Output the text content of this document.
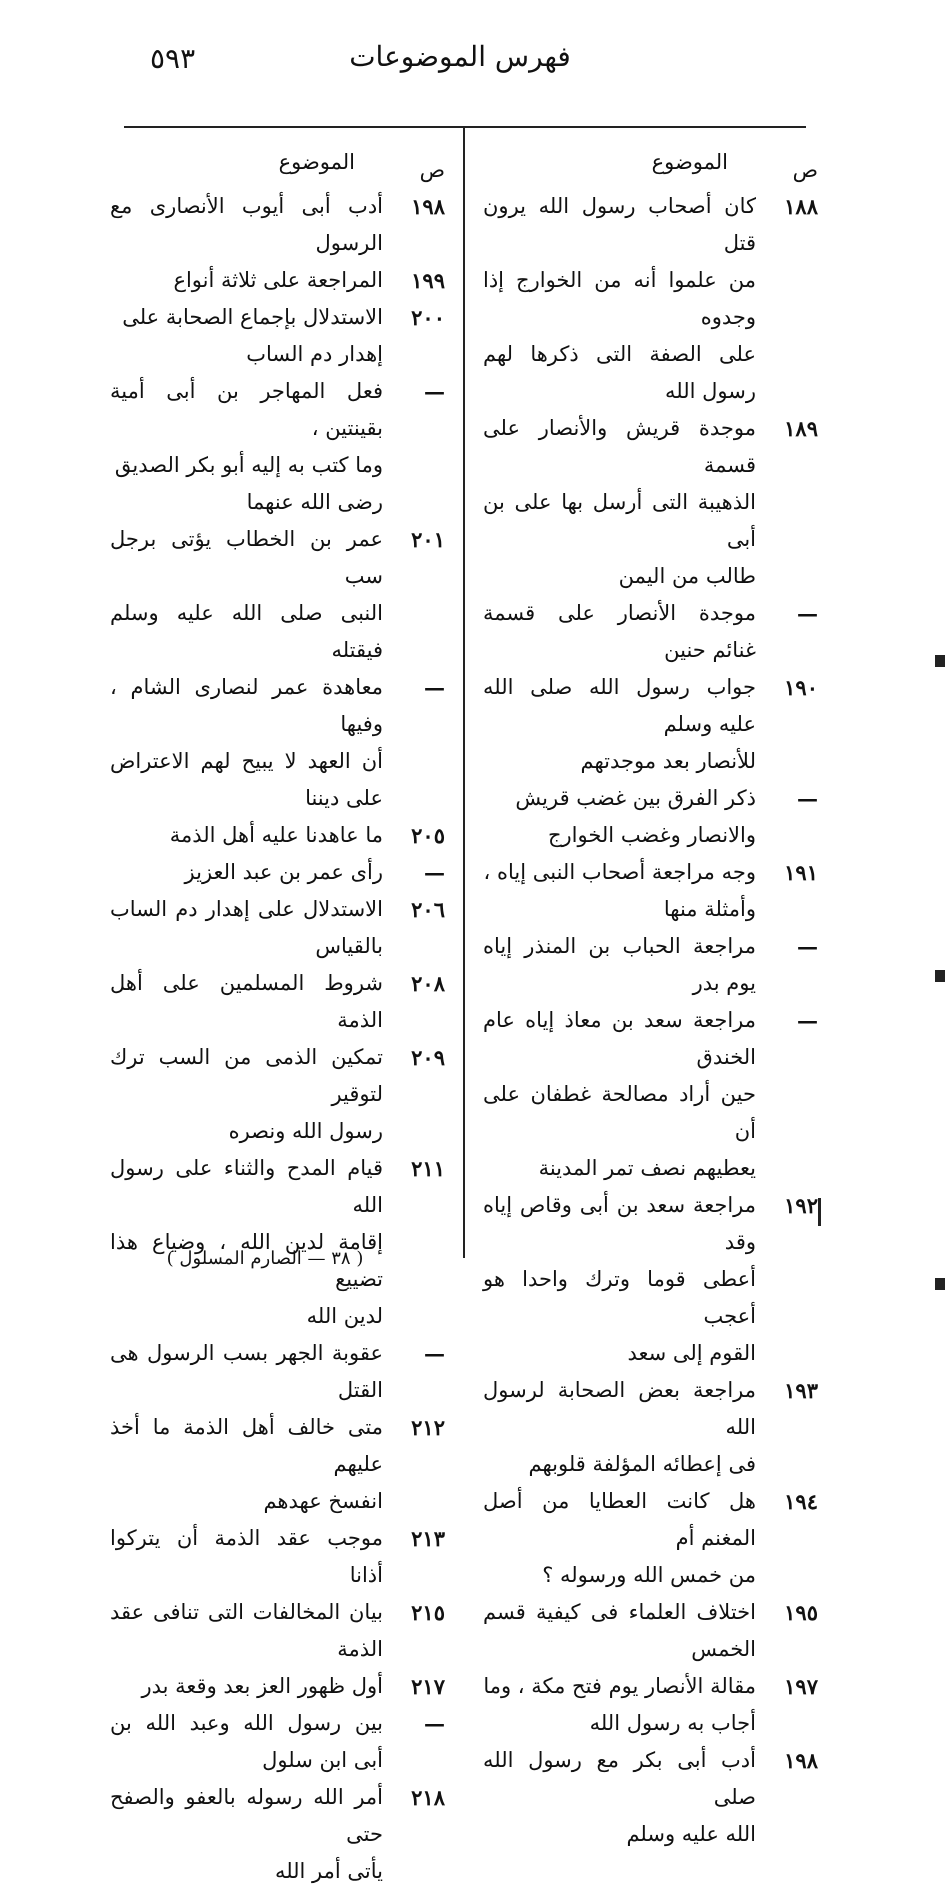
٥٩٣	فهرس الموضوعات
ص
الموضوع
١٨٨
كان أصحاب رسول الله يرون قتل
من علموا أنه من الخوارج إذا وجدوه
على الصفة التى ذكرها لهم رسول الله
١٨٩
موجدة قريش والأنصار على قسمة
الذهيبة التى أرسل بها على بن أبى
طالب من اليمن
—
موجدة الأنصار على قسمة غنائم حنين
١٩٠
جواب رسول الله صلى الله عليه وسلم
للأنصار بعد موجدتهم
—
ذكر الفرق بين غضب قريش
والانصار وغضب الخوارج
١٩١
وجه مراجعة أصحاب النبى إياه ،
وأمثلة منها
—
مراجعة الحباب بن المنذر إياه يوم بدر
—
مراجعة سعد بن معاذ إياه عام الخندق
حين أراد مصالحة غطفان على أن
يعطيهم نصف تمر المدينة
١٩٢
مراجعة سعد بن أبى وقاص إياه وقد
أعطى قوما وترك واحدا هو أعجب
القوم إلى سعد
١٩٣
مراجعة بعض الصحابة لرسول الله
فى إعطائه المؤلفة قلوبهم
١٩٤
هل كانت العطايا من أصل المغنم أم
من خمس الله ورسوله ؟
١٩٥
اختلاف العلماء فى كيفية قسم الخمس
١٩٧
مقالة الأنصار يوم فتح مكة ، وما
أجاب به رسول الله
١٩٨
أدب أبى بكر مع رسول الله صلى
الله عليه وسلم
ص
الموضوع
١٩٨
أدب أبى أيوب الأنصارى مع الرسول
١٩٩
المراجعة على ثلاثة أنواع
٢٠٠
الاستدلال بإجماع الصحابة على
إهدار دم الساب
—
فعل المهاجر بن أبى أمية بقينتين ،
وما كتب به إليه أبو بكر الصديق
رضى الله عنهما
٢٠١
عمر بن الخطاب يؤتى برجل سب
النبى صلى الله عليه وسلم فيقتله
—
معاهدة عمر لنصارى الشام ، وفيها
أن العهد لا يبيح لهم الاعتراض على ديننا
٢٠٥
ما عاهدنا عليه أهل الذمة
—
رأى عمر بن عبد العزيز
٢٠٦
الاستدلال على إهدار دم الساب بالقياس
٢٠٨
شروط المسلمين على أهل الذمة
٢٠٩
تمكين الذمى من السب ترك لتوقير
رسول الله ونصره
٢١١
قيام المدح والثناء على رسول الله
إقامة لدين الله ، وضياع هذا تضييع
لدين الله
—
عقوبة الجهر بسب الرسول هى القتل
٢١٢
متى خالف أهل الذمة ما أخذ عليهم
انفسخ عهدهم
٢١٣
موجب عقد الذمة أن يتركوا أذانا
٢١٥
بيان المخالفات التى تنافى عقد الذمة
٢١٧
أول ظهور العز بعد وقعة بدر
—
بين رسول الله وعبد الله بن أبى ابن سلول
٢١٨
أمر الله رسوله بالعفو والصفح حتى
يأتى أمر الله
( ٣٨ — الصارم المسلول )
